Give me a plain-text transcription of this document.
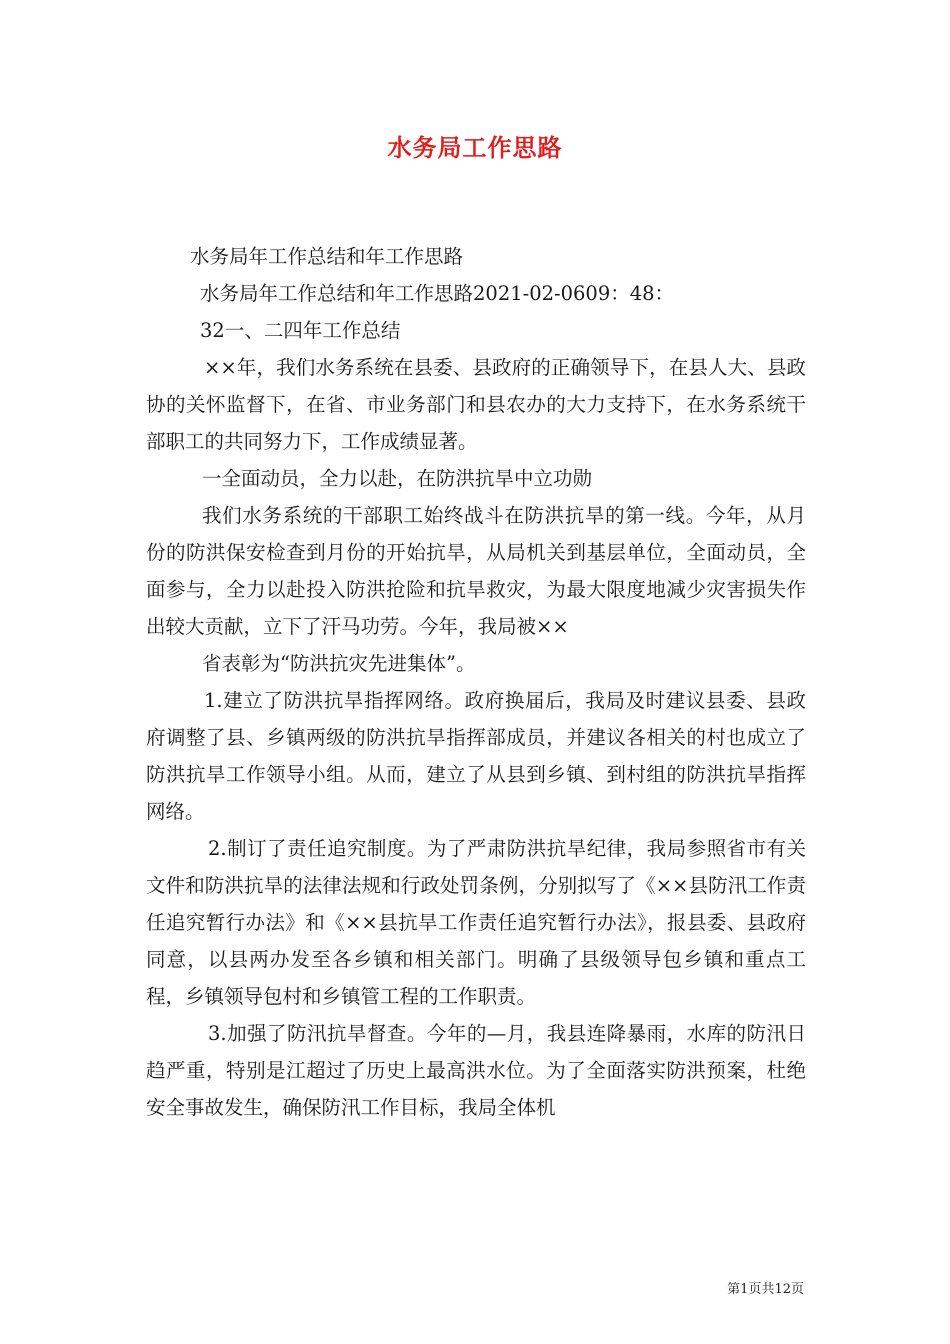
水务局工作思路

水务局年工作总结和年工作思路

水务局年工作总结和年工作思路2021-02-0609：48：

32一、二四年工作总结

××年，我们水务系统在县委、县政府的正确领导下，在县人大、县政协的关怀监督下，在省、市业务部门和县农办的大力支持下，在水务系统干部职工的共同努力下，工作成绩显著。

一全面动员，全力以赴，在防洪抗旱中立功勋

我们水务系统的干部职工始终战斗在防洪抗旱的第一线。今年，从月份的防洪保安检查到月份的开始抗旱，从局机关到基层单位，全面动员，全面参与，全力以赴投入防洪抢险和抗旱救灾，为最大限度地减少灾害损失作出较大贡献，立下了汗马功劳。今年，我局被××

省表彰为“防洪抗灾先进集体”。

1.建立了防洪抗旱指挥网络。政府换届后，我局及时建议县委、县政府调整了县、乡镇两级的防洪抗旱指挥部成员，并建议各相关的村也成立了防洪抗旱工作领导小组。从而，建立了从县到乡镇、到村组的防洪抗旱指挥网络。

2.制订了责任追究制度。为了严肃防洪抗旱纪律，我局参照省市有关文件和防洪抗旱的法律法规和行政处罚条例，分别拟写了《××县防汛工作责任追究暂行办法》和《××县抗旱工作责任追究暂行办法》，报县委、县政府同意，以县两办发至各乡镇和相关部门。明确了县级领导包乡镇和重点工程，乡镇领导包村和乡镇管工程的工作职责。

3.加强了防汛抗旱督查。今年的—月，我县连降暴雨，水库的防汛日趋严重，特别是江超过了历史上最高洪水位。为了全面落实防洪预案，杜绝安全事故发生，确保防汛工作目标，我局全体机

第1页共12页
